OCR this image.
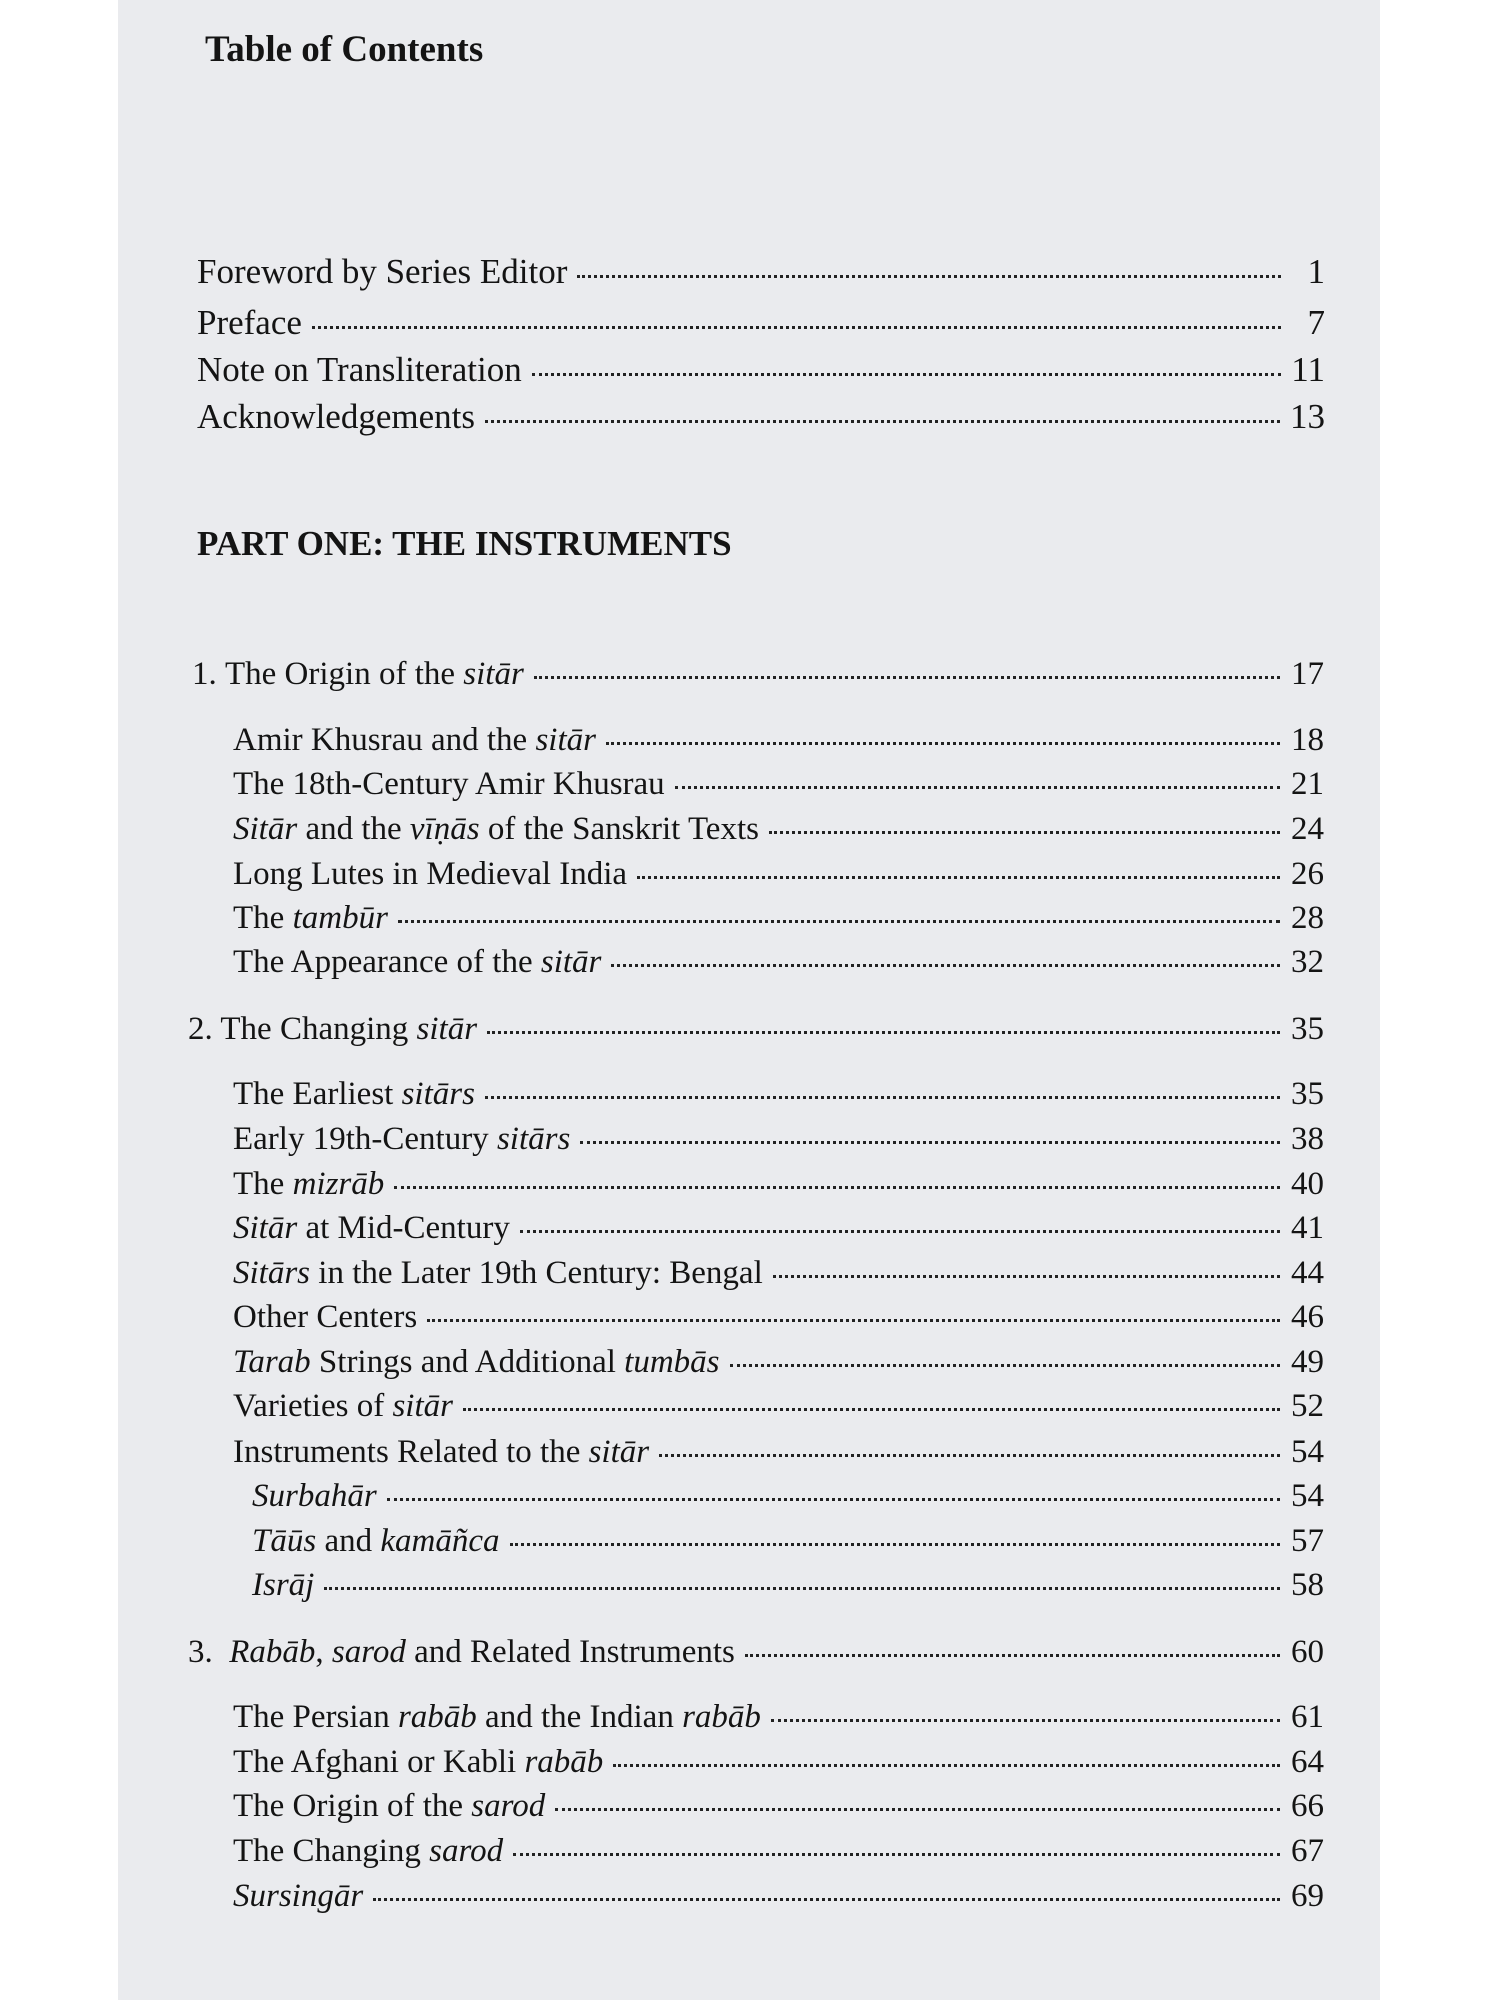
Table of Contents
Foreword by Series Editor	1
Preface	7
Note on Transliteration	11
Acknowledgements	13
PART ONE: THE INSTRUMENTS
1. The Origin of the sitār	17
Amir Khusrau and the sitār	18
The 18th-Century Amir Khusrau	21
Sitār and the vīṇās of the Sanskrit Texts	24
Long Lutes in Medieval India	26
The tambūr	28
The Appearance of the sitār	32
2. The Changing sitār	35
The Earliest sitārs	35
Early 19th-Century sitārs	38
The mizrāb	40
Sitār at Mid-Century	41
Sitārs in the Later 19th Century: Bengal	44
Other Centers	46
Tarab Strings and Additional tumbās	49
Varieties of sitār	52
Instruments Related to the sitār	54
Surbahār	54
Tāūs and kamāñca	57
Isrāj	58
3.  Rabāb, sarod and Related Instruments	60
The Persian rabāb and the Indian rabāb	61
The Afghani or Kabli rabāb	64
The Origin of the sarod	66
The Changing sarod	67
Sursingār	69
